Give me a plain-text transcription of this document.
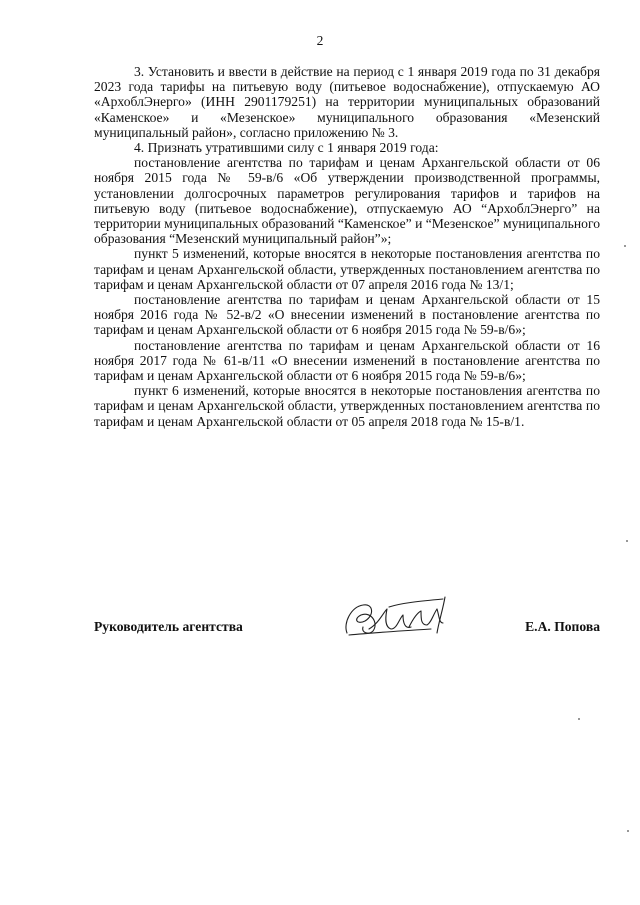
2

3. Установить и ввести в действие на период с 1 января 2019 года по 31 декабря 2023 года тарифы на питьевую воду (питьевое водоснабжение), отпускаемую АО «АрхоблЭнерго» (ИНН 2901179251) на территории муниципальных образований «Каменское» и «Мезенское» муниципального образования «Мезенский муниципальный район», согласно приложению № 3.

4. Признать утратившими силу с 1 января 2019 года:

постановление агентства по тарифам и ценам Архангельской области от 06 ноября 2015 года № 59-в/6 «Об утверждении производственной программы, установлении долгосрочных параметров регулирования тарифов и тарифов на питьевую воду (питьевое водоснабжение), отпускаемую АО “АрхоблЭнерго” на территории муниципальных образований “Каменское” и “Мезенское” муниципального образования “Мезенский муниципальный район”»;

пункт 5 изменений, которые вносятся в некоторые постановления агентства по тарифам и ценам Архангельской области, утвержденных постановлением агентства по тарифам и ценам Архангельской области от 07 апреля 2016 года № 13/1;

постановление агентства по тарифам и ценам Архангельской области от 15 ноября 2016 года № 52-в/2 «О внесении изменений в постановление агентства по тарифам и ценам Архангельской области от 6 ноября 2015 года № 59-в/6»;

постановление агентства по тарифам и ценам Архангельской области от 16 ноября 2017 года № 61-в/11 «О внесении изменений в постановление агентства по тарифам и ценам Архангельской области от 6 ноября 2015 года № 59-в/6»;

пункт 6 изменений, которые вносятся в некоторые постановления агентства по тарифам и ценам Архангельской области, утвержденных постановлением агентства по тарифам и ценам Архангельской области от 05 апреля 2018 года № 15-в/1.

Руководитель агентства	Е.А. Попова
